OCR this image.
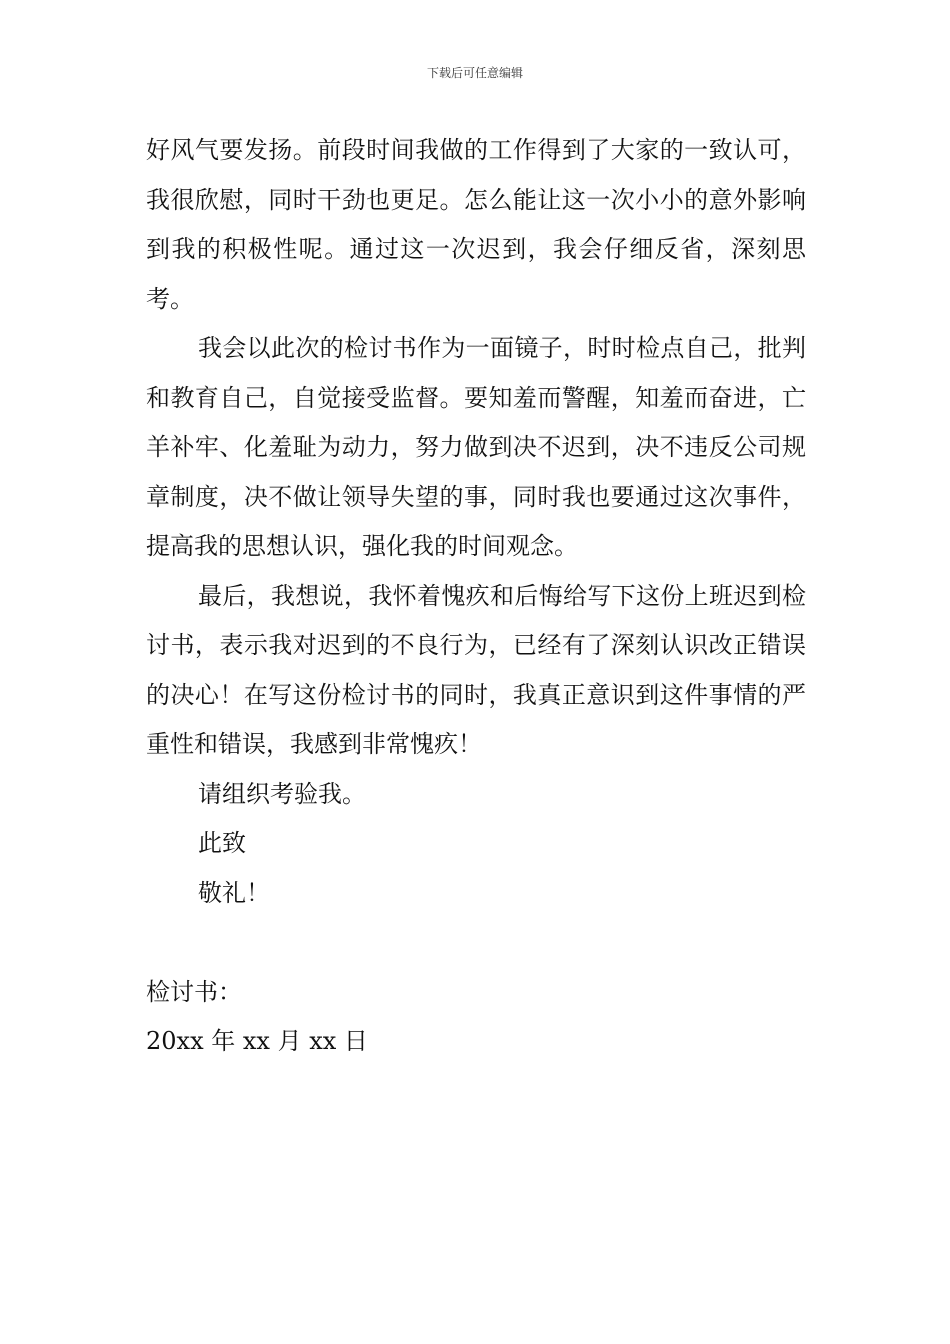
下载后可任意编辑

好风气要发扬。前段时间我做的工作得到了大家的一致认可，我很欣慰，同时干劲也更足。怎么能让这一次小小的意外影响到我的积极性呢。通过这一次迟到，我会仔细反省，深刻思考。

我会以此次的检讨书作为一面镜子，时时检点自己，批判和教育自己，自觉接受监督。要知羞而警醒，知羞而奋进，亡羊补牢、化羞耻为动力，努力做到决不迟到，决不违反公司规章制度，决不做让领导失望的事，同时我也要通过这次事件，提高我的思想认识，强化我的时间观念。

最后，我想说，我怀着愧疚和后悔给写下这份上班迟到检讨书，表示我对迟到的不良行为，已经有了深刻认识改正错误的决心！在写这份检讨书的同时，我真正意识到这件事情的严重性和错误，我感到非常愧疚！

请组织考验我。

此致

敬礼！

检讨书：

20xx 年 xx 月 xx 日
